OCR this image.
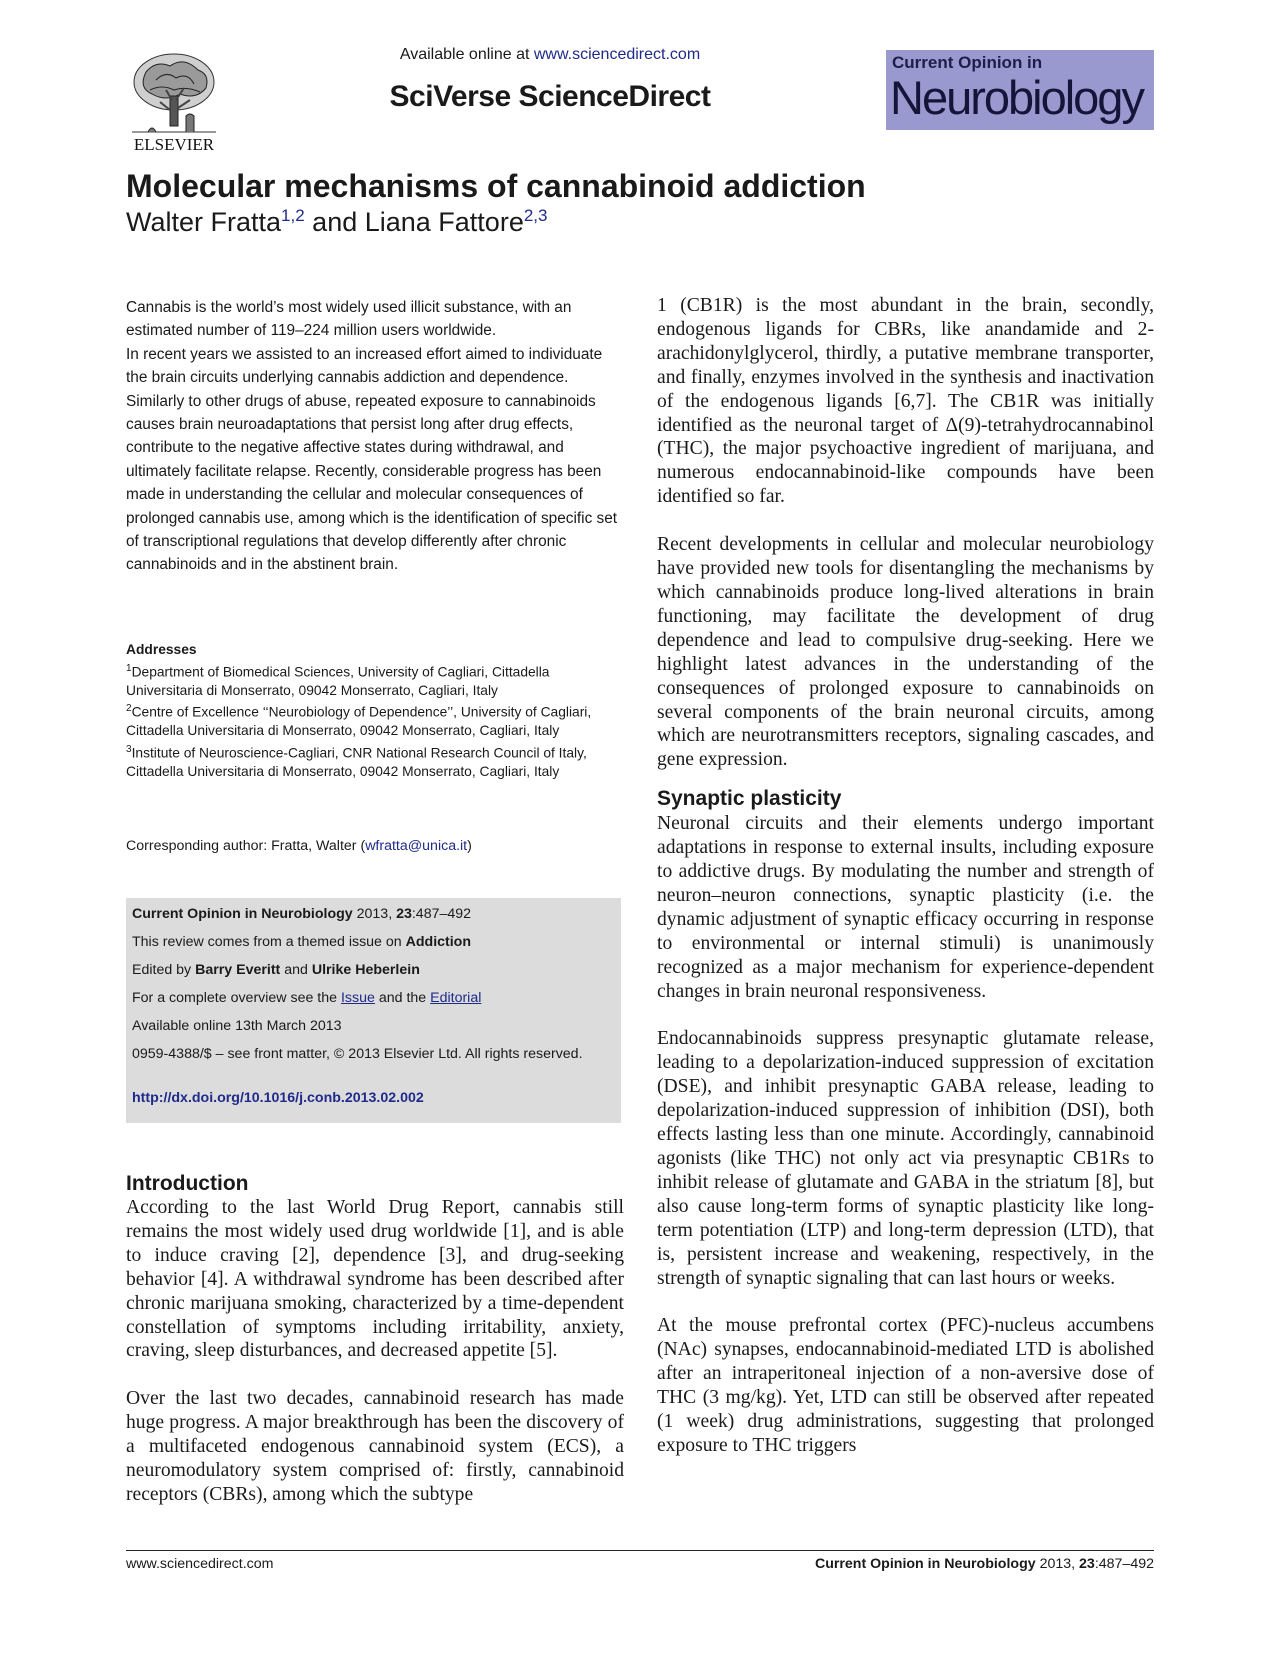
ELSEVIER
Available online at www.sciencedirect.com
SciVerse ScienceDirect
Current Opinion in
Neurobiology
Molecular mechanisms of cannabinoid addiction
Walter Fratta$^{1,2}$ and Liana Fattore$^{2,3}$

Cannabis is the world’s most widely used illicit substance, with an estimated number of 119–224 million users worldwide.

In recent years we assisted to an increased effort aimed to individuate the brain circuits underlying cannabis addiction and dependence. Similarly to other drugs of abuse, repeated exposure to cannabinoids causes brain neuroadaptations that persist long after drug effects, contribute to the negative affective states during withdrawal, and ultimately facilitate relapse. Recently, considerable progress has been made in understanding the cellular and molecular consequences of prolonged cannabis use, among which is the identification of specific set of transcriptional regulations that develop differently after chronic cannabinoids and in the abstinent brain.

Addresses
$^1$Department of Biomedical Sciences, University of Cagliari, Cittadella Universitaria di Monserrato, 09042 Monserrato, Cagliari, Italy
$^2$Centre of Excellence ‘‘Neurobiology of Dependence’’, University of Cagliari, Cittadella Universitaria di Monserrato, 09042 Monserrato, Cagliari, Italy
$^3$Institute of Neuroscience-Cagliari, CNR National Research Council of Italy, Cittadella Universitaria di Monserrato, 09042 Monserrato, Cagliari, Italy
Corresponding author: Fratta, Walter (wfratta@unica.it)
Current Opinion in Neurobiology 2013, 23:487–492
This review comes from a themed issue on Addiction
Edited by Barry Everitt and Ulrike Heberlein
For a complete overview see the Issue and the Editorial
Available online 13th March 2013
0959-4388/$ – see front matter, © 2013 Elsevier Ltd. All rights reserved.
http://dx.doi.org/10.1016/j.conb.2013.02.002
Introduction

According to the last World Drug Report, cannabis still remains the most widely used drug worldwide [1], and is able to induce craving [2], dependence [3], and drug-seeking behavior [4]. A withdrawal syndrome has been described after chronic marijuana smoking, characterized by a time-dependent constellation of symptoms including irritability, anxiety, craving, sleep disturbances, and decreased appetite [5].

Over the last two decades, cannabinoid research has made huge progress. A major breakthrough has been the discovery of a multifaceted endogenous cannabinoid system (ECS), a neuromodulatory system comprised of: firstly, cannabinoid receptors (CBRs), among which the subtype

1 (CB1R) is the most abundant in the brain, secondly, endogenous ligands for CBRs, like anandamide and 2-arachidonylglycerol, thirdly, a putative membrane transporter, and finally, enzymes involved in the synthesis and inactivation of the endogenous ligands [6,7]. The CB1R was initially identified as the neuronal target of Δ(9)-tetrahydrocannabinol (THC), the major psychoactive ingredient of marijuana, and numerous endocannabinoid-like compounds have been identified so far.

Recent developments in cellular and molecular neurobiology have provided new tools for disentangling the mechanisms by which cannabinoids produce long-lived alterations in brain functioning, may facilitate the development of drug dependence and lead to compulsive drug-seeking. Here we highlight latest advances in the understanding of the consequences of prolonged exposure to cannabinoids on several components of the brain neuronal circuits, among which are neurotransmitters receptors, signaling cascades, and gene expression.

Synaptic plasticity

Neuronal circuits and their elements undergo important adaptations in response to external insults, including exposure to addictive drugs. By modulating the number and strength of neuron–neuron connections, synaptic plasticity (i.e. the dynamic adjustment of synaptic efficacy occurring in response to environmental or internal stimuli) is unanimously recognized as a major mechanism for experience-dependent changes in brain neuronal responsiveness.

Endocannabinoids suppress presynaptic glutamate release, leading to a depolarization-induced suppression of excitation (DSE), and inhibit presynaptic GABA release, leading to depolarization-induced suppression of inhibition (DSI), both effects lasting less than one minute. Accordingly, cannabinoid agonists (like THC) not only act via presynaptic CB1Rs to inhibit release of glutamate and GABA in the striatum [8], but also cause long-term forms of synaptic plasticity like long-term potentiation (LTP) and long-term depression (LTD), that is, persistent increase and weakening, respectively, in the strength of synaptic signaling that can last hours or weeks.

At the mouse prefrontal cortex (PFC)-nucleus accumbens (NAc) synapses, endocannabinoid-mediated LTD is abolished after an intraperitoneal injection of a non-aversive dose of THC (3 mg/kg). Yet, LTD can still be observed after repeated (1 week) drug administrations, suggesting that prolonged exposure to THC triggers

www.sciencedirect.com	Current Opinion in Neurobiology 2013, 23:487–492
